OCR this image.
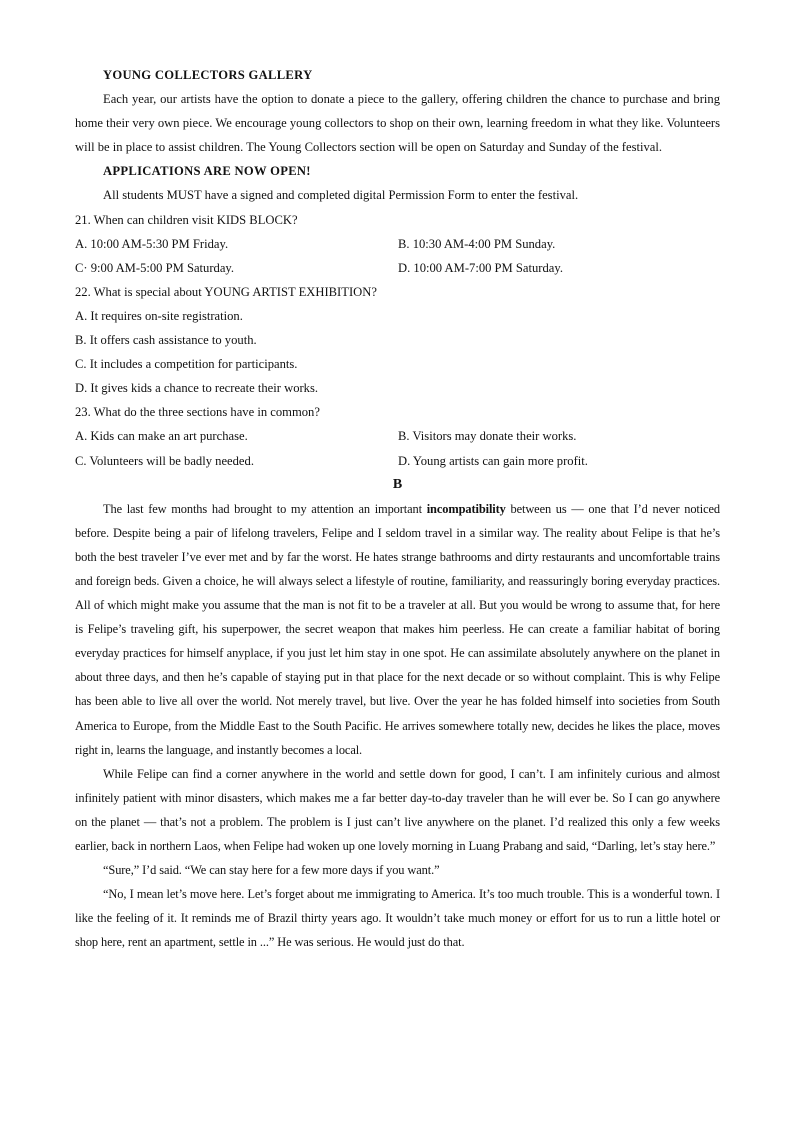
YOUNG COLLECTORS GALLERY

Each year, our artists have the option to donate a piece to the gallery, offering children the chance to purchase and bring home their very own piece. We encourage young collectors to shop on their own, learning freedom in what they like. Volunteers will be in place to assist children. The Young Collectors section will be open on Saturday and Sunday of the festival.

APPLICATIONS ARE NOW OPEN!

All students MUST have a signed and completed digital Permission Form to enter the festival.

21. When can children visit KIDS BLOCK?
A. 10:00 AM-5:30 PM Friday.	B. 10:30 AM-4:00 PM Sunday.
C· 9:00 AM-5:00 PM Saturday.	D. 10:00 AM-7:00 PM Saturday.
22. What is special about YOUNG ARTIST EXHIBITION?
A. It requires on-site registration.
B. It offers cash assistance to youth.
C. It includes a competition for participants.
D. It gives kids a chance to recreate their works.
23. What do the three sections have in common?
A. Kids can make an art purchase.	B. Visitors may donate their works.
C. Volunteers will be badly needed.	D. Young artists can gain more profit.
B

The last few months had brought to my attention an important incompatibility between us — one that I’d never noticed before. Despite being a pair of lifelong travelers, Felipe and I seldom travel in a similar way. The reality about Felipe is that he’s both the best traveler I’ve ever met and by far the worst. He hates strange bathrooms and dirty restaurants and uncomfortable trains and foreign beds. Given a choice, he will always select a lifestyle of routine, familiarity, and reassuringly boring everyday practices. All of which might make you assume that the man is not fit to be a traveler at all. But you would be wrong to assume that, for here is Felipe’s traveling gift, his superpower, the secret weapon that makes him peerless. He can create a familiar habitat of boring everyday practices for himself anyplace, if you just let him stay in one spot. He can assimilate absolutely anywhere on the planet in about three days, and then he’s capable of staying put in that place for the next decade or so without complaint. This is why Felipe has been able to live all over the world. Not merely travel, but live. Over the year he has folded himself into societies from South America to Europe, from the Middle East to the South Pacific. He arrives somewhere totally new, decides he likes the place, moves right in, learns the language, and instantly becomes a local.

While Felipe can find a corner anywhere in the world and settle down for good, I can’t. I am infinitely curious and almost infinitely patient with minor disasters, which makes me a far better day-to-day traveler than he will ever be. So I can go anywhere on the planet — that’s not a problem. The problem is I just can’t live anywhere on the planet. I’d realized this only a few weeks earlier, back in northern Laos, when Felipe had woken up one lovely morning in Luang Prabang and said, “Darling, let’s stay here.”

“Sure,” I’d said. “We can stay here for a few more days if you want.”

“No, I mean let’s move here. Let’s forget about me immigrating to America. It’s too much trouble. This is a wonderful town. I like the feeling of it. It reminds me of Brazil thirty years ago. It wouldn’t take much money or effort for us to run a little hotel or shop here, rent an apartment, settle in ...” He was serious. He would just do that.
